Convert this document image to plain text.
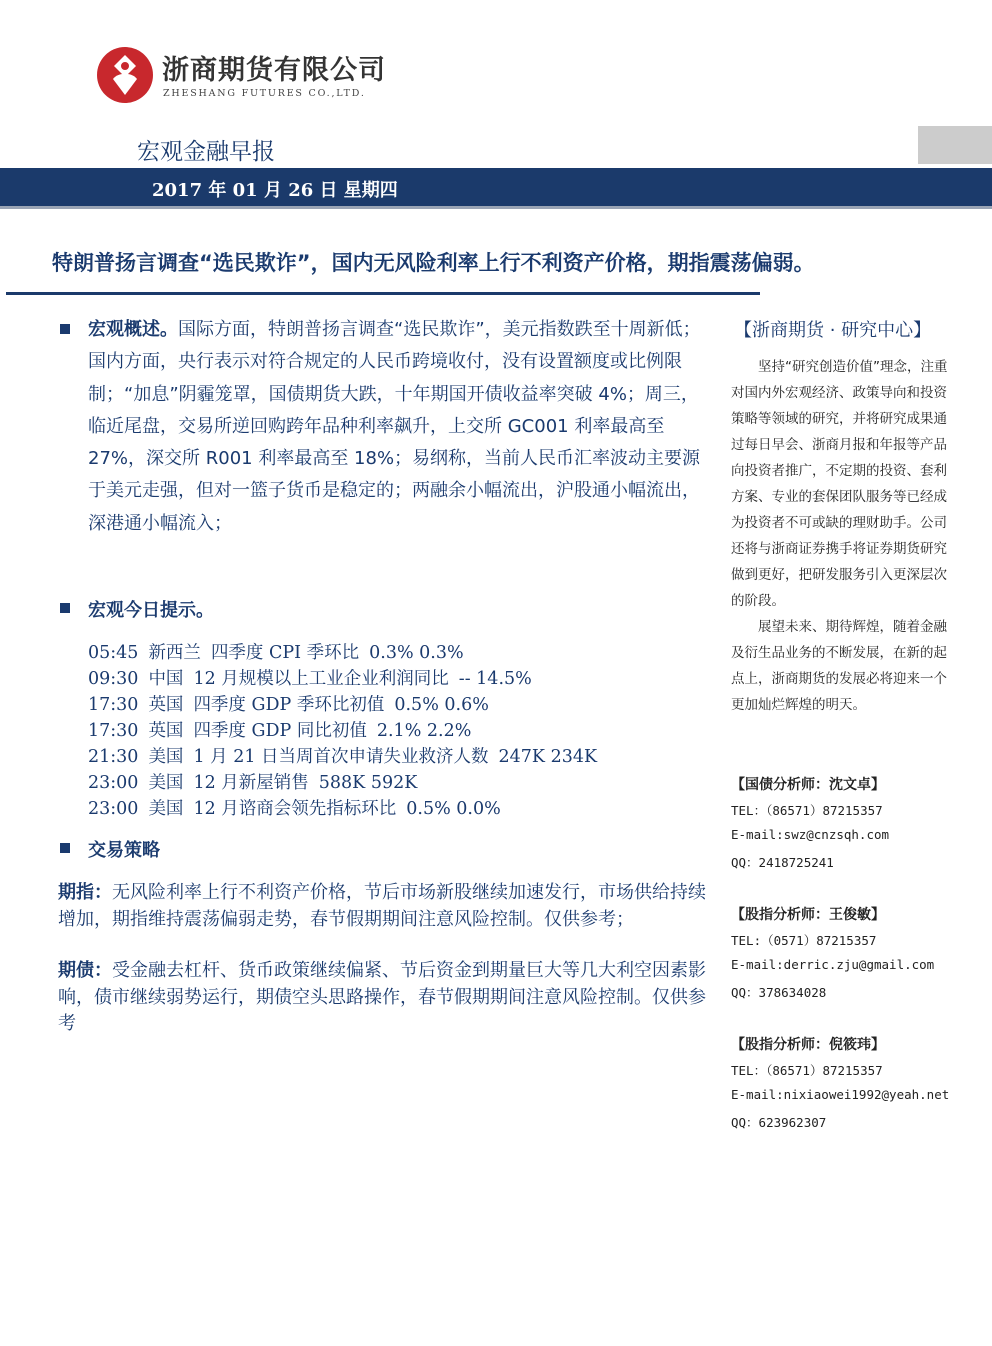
浙商期货有限公司
ZHESHANG FUTURES CO.,LTD.
宏观金融早报
2017 年 01 月 26 日 星期四
特朗普扬言调查“选民欺诈”，国内无风险利率上行不利资产价格，期指震荡偏弱。
宏观概述。国际方面，特朗普扬言调查“选民欺诈”，美元指数跌至十周新低；国内方面，央行表示对符合规定的人民币跨境收付，没有设置额度或比例限制；“加息”阴霾笼罩，国债期货大跌，十年期国开债收益率突破 4%；周三，临近尾盘，交易所逆回购跨年品种利率飙升，上交所 GC001 利率最高至 27%，深交所 R001 利率最高至 18%；易纲称，当前人民币汇率波动主要源于美元走强，但对一篮子货币是稳定的；两融余小幅流出，沪股通小幅流出，深港通小幅流入；
宏观今日提示。
05:45 新西兰 四季度 CPI 季环比 0.3% 0.3%
09:30 中国 12 月规模以上工业企业利润同比 -- 14.5%
17:30 英国 四季度 GDP 季环比初值 0.5% 0.6%
17:30 英国 四季度 GDP 同比初值 2.1% 2.2%
21:30 美国 1 月 21 日当周首次申请失业救济人数 247K 234K
23:00 美国 12 月新屋销售 588K 592K
23:00 美国 12 月谘商会领先指标环比 0.5% 0.0%
交易策略
期指：无风险利率上行不利资产价格，节后市场新股继续加速发行，市场供给持续增加，期指维持震荡偏弱走势，春节假期期间注意风险控制。仅供参考；
期债：受金融去杠杆、货币政策继续偏紧、节后资金到期量巨大等几大利空因素影响，债市继续弱势运行，期债空头思路操作，春节假期期间注意风险控制。仅供参考
【浙商期货 · 研究中心】
坚持“研究创造价值”理念，注重对国内外宏观经济、政策导向和投资策略等领域的研究，并将研究成果通过每日早会、浙商月报和年报等产品向投资者推广，不定期的投资、套利方案、专业的套保团队服务等已经成为投资者不可或缺的理财助手。公司还将与浙商证券携手将证券期货研究做到更好，把研发服务引入更深层次的阶段。
展望未来、期待辉煌，随着金融及衍生品业务的不断发展，在新的起点上，浙商期货的发展必将迎来一个更加灿烂辉煌的明天。
【国债分析师：沈文卓】
TEL：（86571）87215357
E-mail:swz@cnzsqh.com
QQ：2418725241
【股指分析师：王俊敏】
TEL:（0571）87215357
E-mail:derric.zju@gmail.com
QQ：378634028
【股指分析师：倪筱玮】
TEL：（86571）87215357
E-mail:nixiaowei1992@yeah.net
QQ：623962307
